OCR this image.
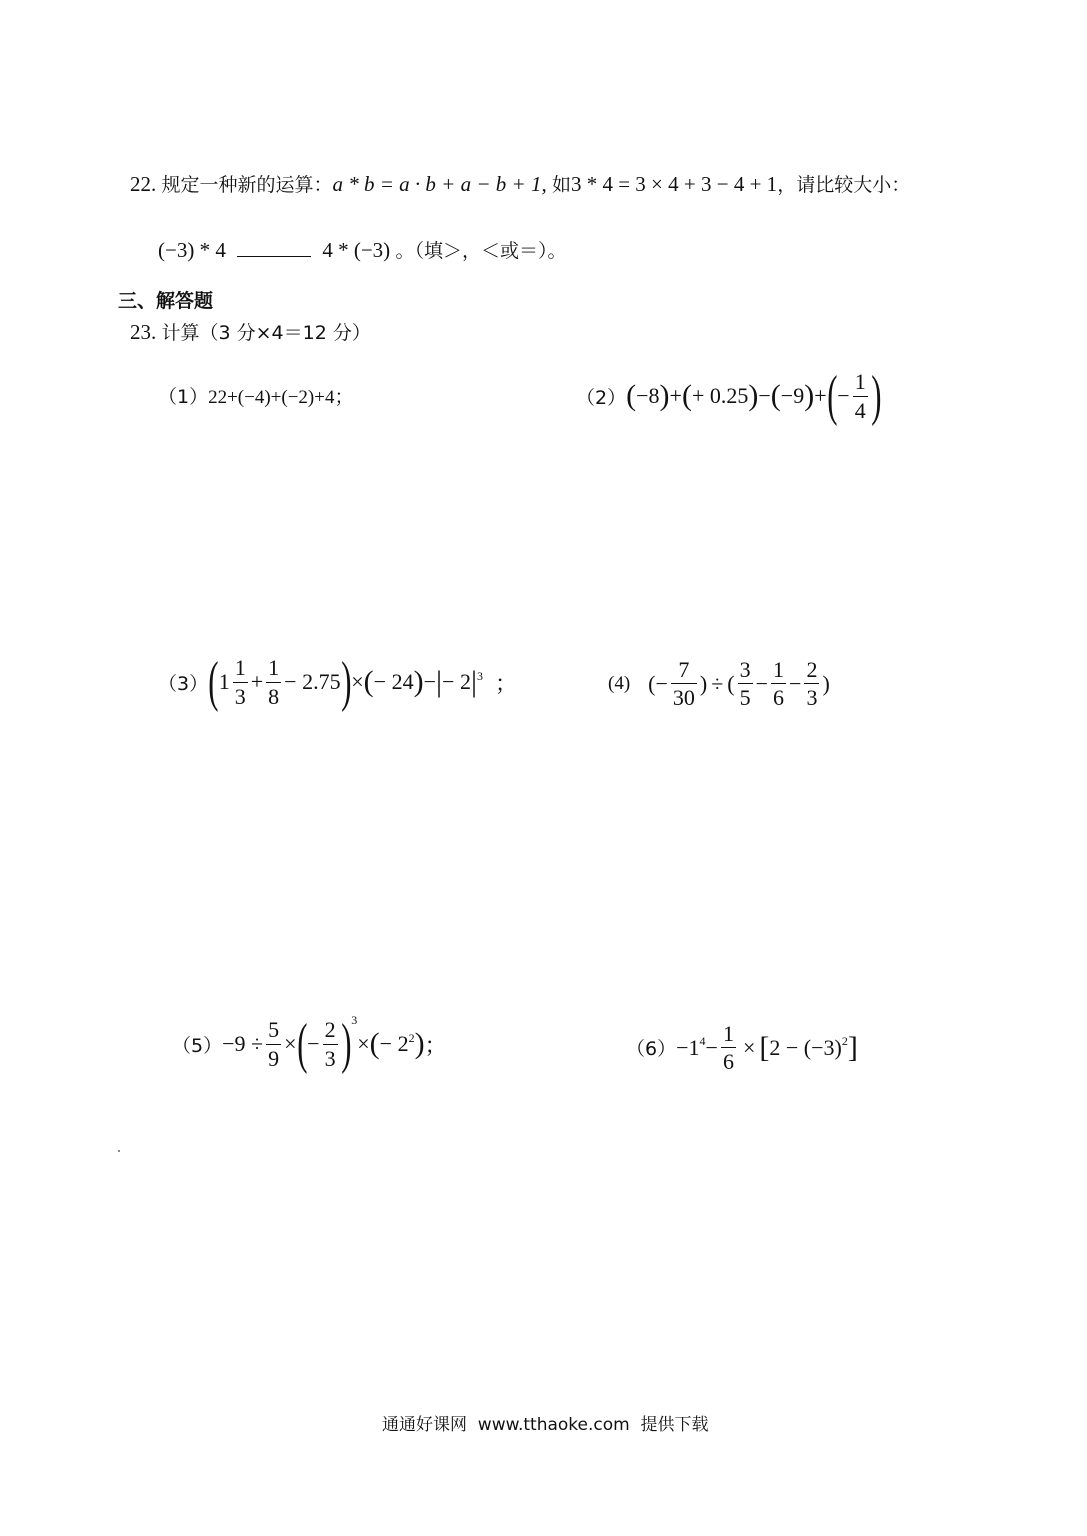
22. 规定一种新的运算：a * b = a · b + a − b + 1, 如3 * 4 = 3 × 4 + 3 − 4 + 1，请比较大小：
(−3) * 4	4 * (−3) 。（填＞，＜或＝）。
三、解答题
23. 计算（3 分×4＝12 分）
（1） 22+(−4)+(−2)+4；	（2） ( −8 ) + ( + 0.25 ) − ( −9 ) + ( − $\frac{1}{4}$ )
（3） ( $1 \frac{1}{3} + \frac{1}{8} - 2.75$ ) × ( − 24 ) − | − 2 | 3 ；	(4) (− $\frac{7}{30}$ ) ÷ ( $\frac{3}{5} - \frac{1}{6} - \frac{2}{3}$ )
$(5) -9 \div \frac{5}{9}$ × ( − $\frac{2}{3}$ ) 3
× ( − 2 2 ) ；	（6） −1 $4 - \frac{1}{6}$ × [ 2 − (−3) 2 ]
通通好课网  www.tthaoke.com  提供下载
